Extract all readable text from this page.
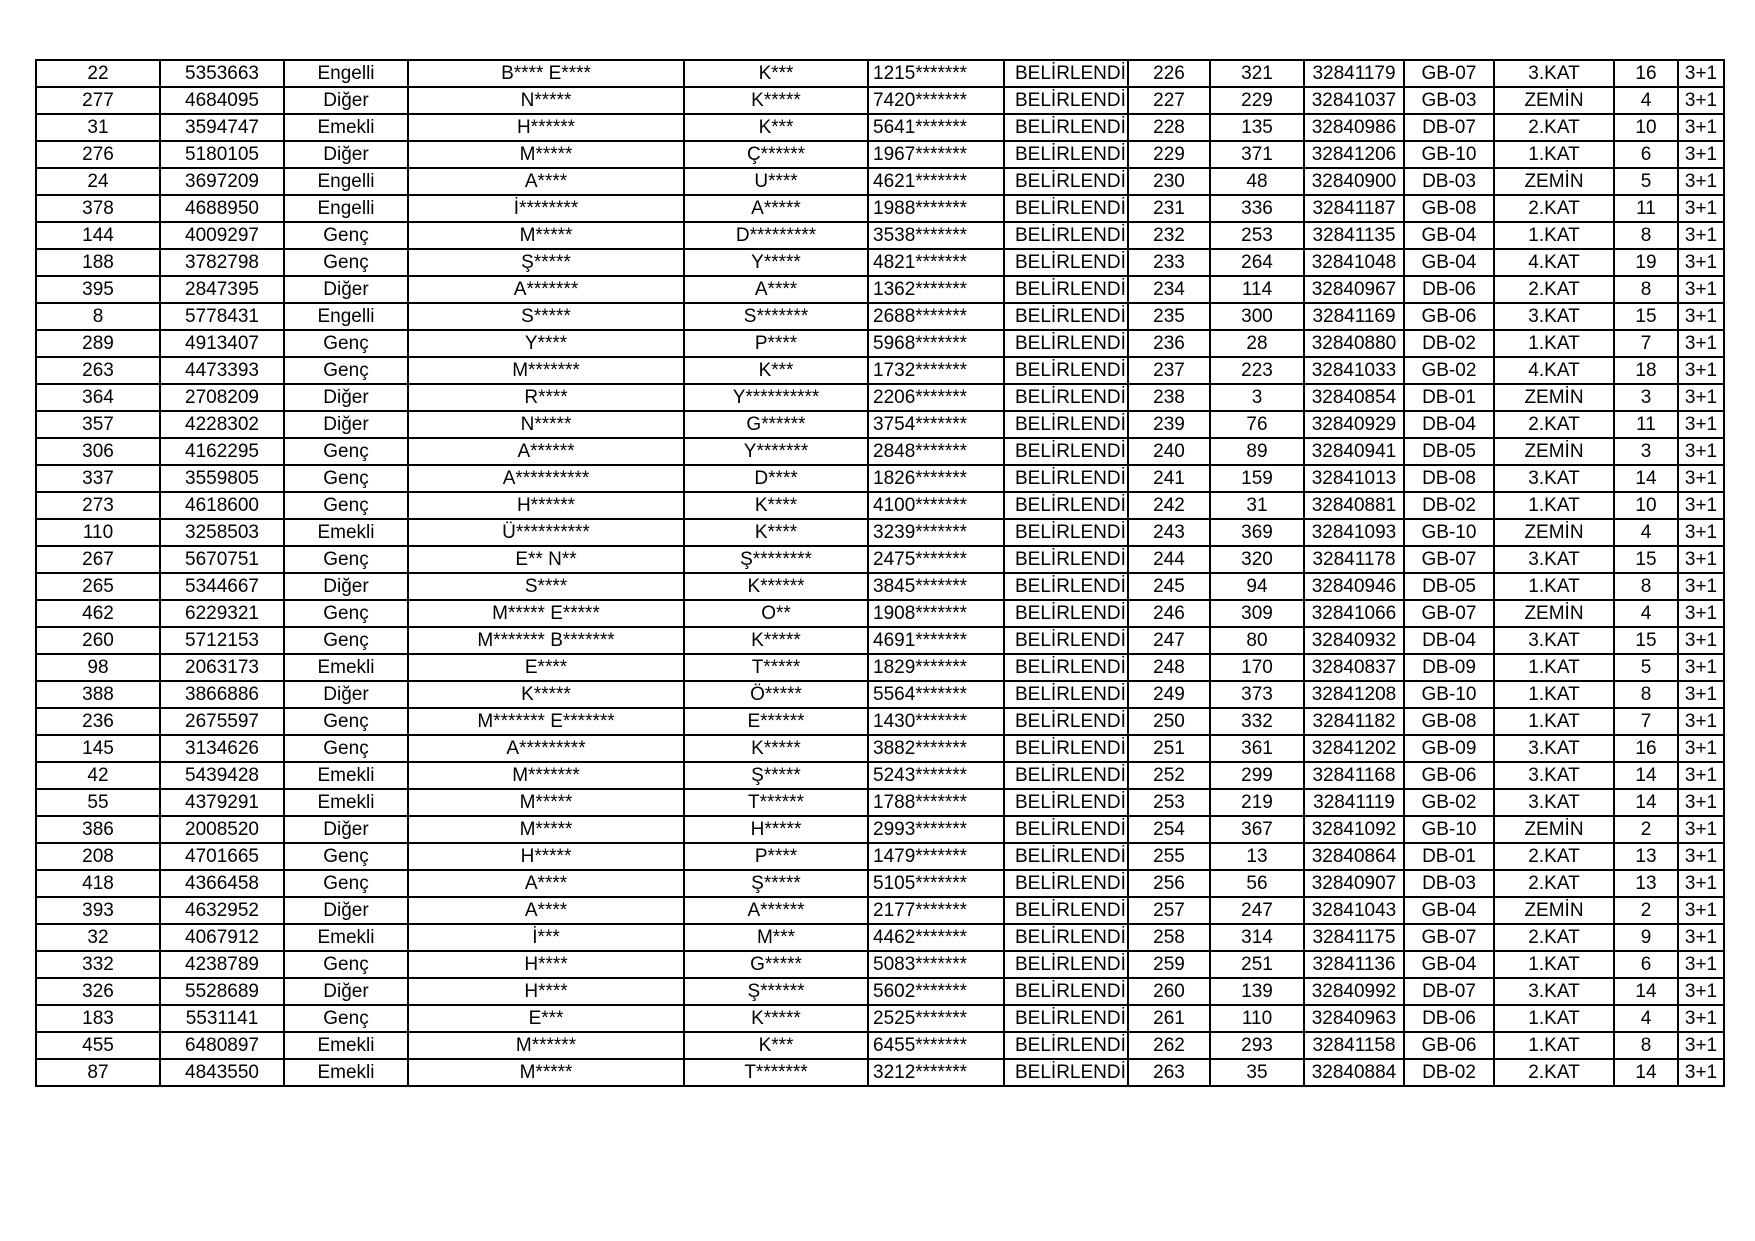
22	5353663	Engelli	B**** E****	K***	1215*******	BELİRLENDİ	226	321	32841179	GB-07	3.KAT	16	3+1
277	4684095	Diğer	N*****	K*****	7420*******	BELİRLENDİ	227	229	32841037	GB-03	ZEMİN	4	3+1
31	3594747	Emekli	H******	K***	5641*******	BELİRLENDİ	228	135	32840986	DB-07	2.KAT	10	3+1
276	5180105	Diğer	M*****	Ç******	1967*******	BELİRLENDİ	229	371	32841206	GB-10	1.KAT	6	3+1
24	3697209	Engelli	A****	U****	4621*******	BELİRLENDİ	230	48	32840900	DB-03	ZEMİN	5	3+1
378	4688950	Engelli	İ********	A*****	1988*******	BELİRLENDİ	231	336	32841187	GB-08	2.KAT	11	3+1
144	4009297	Genç	M*****	D*********	3538*******	BELİRLENDİ	232	253	32841135	GB-04	1.KAT	8	3+1
188	3782798	Genç	Ş*****	Y*****	4821*******	BELİRLENDİ	233	264	32841048	GB-04	4.KAT	19	3+1
395	2847395	Diğer	A*******	A****	1362*******	BELİRLENDİ	234	114	32840967	DB-06	2.KAT	8	3+1
8	5778431	Engelli	S*****	S*******	2688*******	BELİRLENDİ	235	300	32841169	GB-06	3.KAT	15	3+1
289	4913407	Genç	Y****	P****	5968*******	BELİRLENDİ	236	28	32840880	DB-02	1.KAT	7	3+1
263	4473393	Genç	M*******	K***	1732*******	BELİRLENDİ	237	223	32841033	GB-02	4.KAT	18	3+1
364	2708209	Diğer	R****	Y**********	2206*******	BELİRLENDİ	238	3	32840854	DB-01	ZEMİN	3	3+1
357	4228302	Diğer	N*****	G******	3754*******	BELİRLENDİ	239	76	32840929	DB-04	2.KAT	11	3+1
306	4162295	Genç	A******	Y*******	2848*******	BELİRLENDİ	240	89	32840941	DB-05	ZEMİN	3	3+1
337	3559805	Genç	A**********	D****	1826*******	BELİRLENDİ	241	159	32841013	DB-08	3.KAT	14	3+1
273	4618600	Genç	H******	K****	4100*******	BELİRLENDİ	242	31	32840881	DB-02	1.KAT	10	3+1
110	3258503	Emekli	Ü**********	K****	3239*******	BELİRLENDİ	243	369	32841093	GB-10	ZEMİN	4	3+1
267	5670751	Genç	E** N**	Ş********	2475*******	BELİRLENDİ	244	320	32841178	GB-07	3.KAT	15	3+1
265	5344667	Diğer	S****	K******	3845*******	BELİRLENDİ	245	94	32840946	DB-05	1.KAT	8	3+1
462	6229321	Genç	M***** E*****	O**	1908*******	BELİRLENDİ	246	309	32841066	GB-07	ZEMİN	4	3+1
260	5712153	Genç	M******* B*******	K*****	4691*******	BELİRLENDİ	247	80	32840932	DB-04	3.KAT	15	3+1
98	2063173	Emekli	E****	T*****	1829*******	BELİRLENDİ	248	170	32840837	DB-09	1.KAT	5	3+1
388	3866886	Diğer	K*****	Ö*****	5564*******	BELİRLENDİ	249	373	32841208	GB-10	1.KAT	8	3+1
236	2675597	Genç	M******* E*******	E******	1430*******	BELİRLENDİ	250	332	32841182	GB-08	1.KAT	7	3+1
145	3134626	Genç	A*********	K*****	3882*******	BELİRLENDİ	251	361	32841202	GB-09	3.KAT	16	3+1
42	5439428	Emekli	M*******	Ş*****	5243*******	BELİRLENDİ	252	299	32841168	GB-06	3.KAT	14	3+1
55	4379291	Emekli	M*****	T******	1788*******	BELİRLENDİ	253	219	32841119	GB-02	3.KAT	14	3+1
386	2008520	Diğer	M*****	H*****	2993*******	BELİRLENDİ	254	367	32841092	GB-10	ZEMİN	2	3+1
208	4701665	Genç	H*****	P****	1479*******	BELİRLENDİ	255	13	32840864	DB-01	2.KAT	13	3+1
418	4366458	Genç	A****	Ş*****	5105*******	BELİRLENDİ	256	56	32840907	DB-03	2.KAT	13	3+1
393	4632952	Diğer	A****	A******	2177*******	BELİRLENDİ	257	247	32841043	GB-04	ZEMİN	2	3+1
32	4067912	Emekli	İ***	M***	4462*******	BELİRLENDİ	258	314	32841175	GB-07	2.KAT	9	3+1
332	4238789	Genç	H****	G*****	5083*******	BELİRLENDİ	259	251	32841136	GB-04	1.KAT	6	3+1
326	5528689	Diğer	H****	Ş******	5602*******	BELİRLENDİ	260	139	32840992	DB-07	3.KAT	14	3+1
183	5531141	Genç	E***	K*****	2525*******	BELİRLENDİ	261	110	32840963	DB-06	1.KAT	4	3+1
455	6480897	Emekli	M******	K***	6455*******	BELİRLENDİ	262	293	32841158	GB-06	1.KAT	8	3+1
87	4843550	Emekli	M*****	T*******	3212*******	BELİRLENDİ	263	35	32840884	DB-02	2.KAT	14	3+1
